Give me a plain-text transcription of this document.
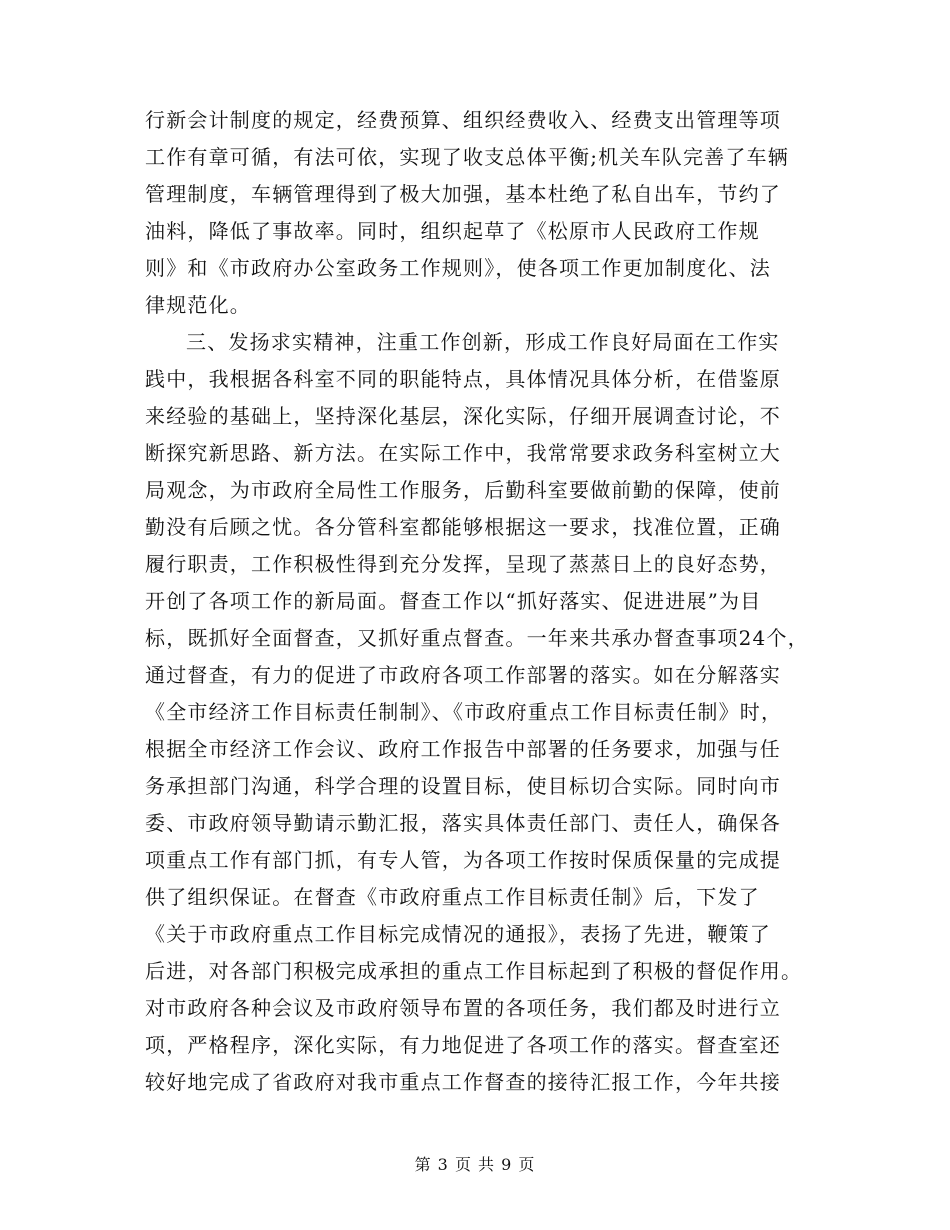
行新会计制度的规定，经费预算、组织经费收入、经费支出管理等项
工作有章可循，有法可依，实现了收支总体平衡;机关车队完善了车辆
管理制度，车辆管理得到了极大加强，基本杜绝了私自出车，节约了
油料，降低了事故率。同时，组织起草了《松原市人民政府工作规
则》和《市政府办公室政务工作规则》，使各项工作更加制度化、法
律规范化。
三、发扬求实精神，注重工作创新，形成工作良好局面在工作实
践中，我根据各科室不同的职能特点，具体情况具体分析，在借鉴原
来经验的基础上，坚持深化基层，深化实际，仔细开展调查讨论，不
断探究新思路、新方法。在实际工作中，我常常要求政务科室树立大
局观念，为市政府全局性工作服务，后勤科室要做前勤的保障，使前
勤没有后顾之忧。各分管科室都能够根据这一要求，找准位置，正确
履行职责，工作积极性得到充分发挥，呈现了蒸蒸日上的良好态势，
开创了各项工作的新局面。督查工作以“抓好落实、促进进展”为目
标，既抓好全面督查，又抓好重点督查。一年来共承办督查事项24个，
通过督查，有力的促进了市政府各项工作部署的落实。如在分解落实
《全市经济工作目标责任制制》、《市政府重点工作目标责任制》时，
根据全市经济工作会议、政府工作报告中部署的任务要求，加强与任
务承担部门沟通，科学合理的设置目标，使目标切合实际。同时向市
委、市政府领导勤请示勤汇报，落实具体责任部门、责任人，确保各
项重点工作有部门抓，有专人管，为各项工作按时保质保量的完成提
供了组织保证。在督查《市政府重点工作目标责任制》后，下发了
《关于市政府重点工作目标完成情况的通报》，表扬了先进，鞭策了
后进，对各部门积极完成承担的重点工作目标起到了积极的督促作用。
对市政府各种会议及市政府领导布置的各项任务，我们都及时进行立
项，严格程序，深化实际，有力地促进了各项工作的落实。督查室还
较好地完成了省政府对我市重点工作督查的接待汇报工作，今年共接
第 3 页 共 9 页
